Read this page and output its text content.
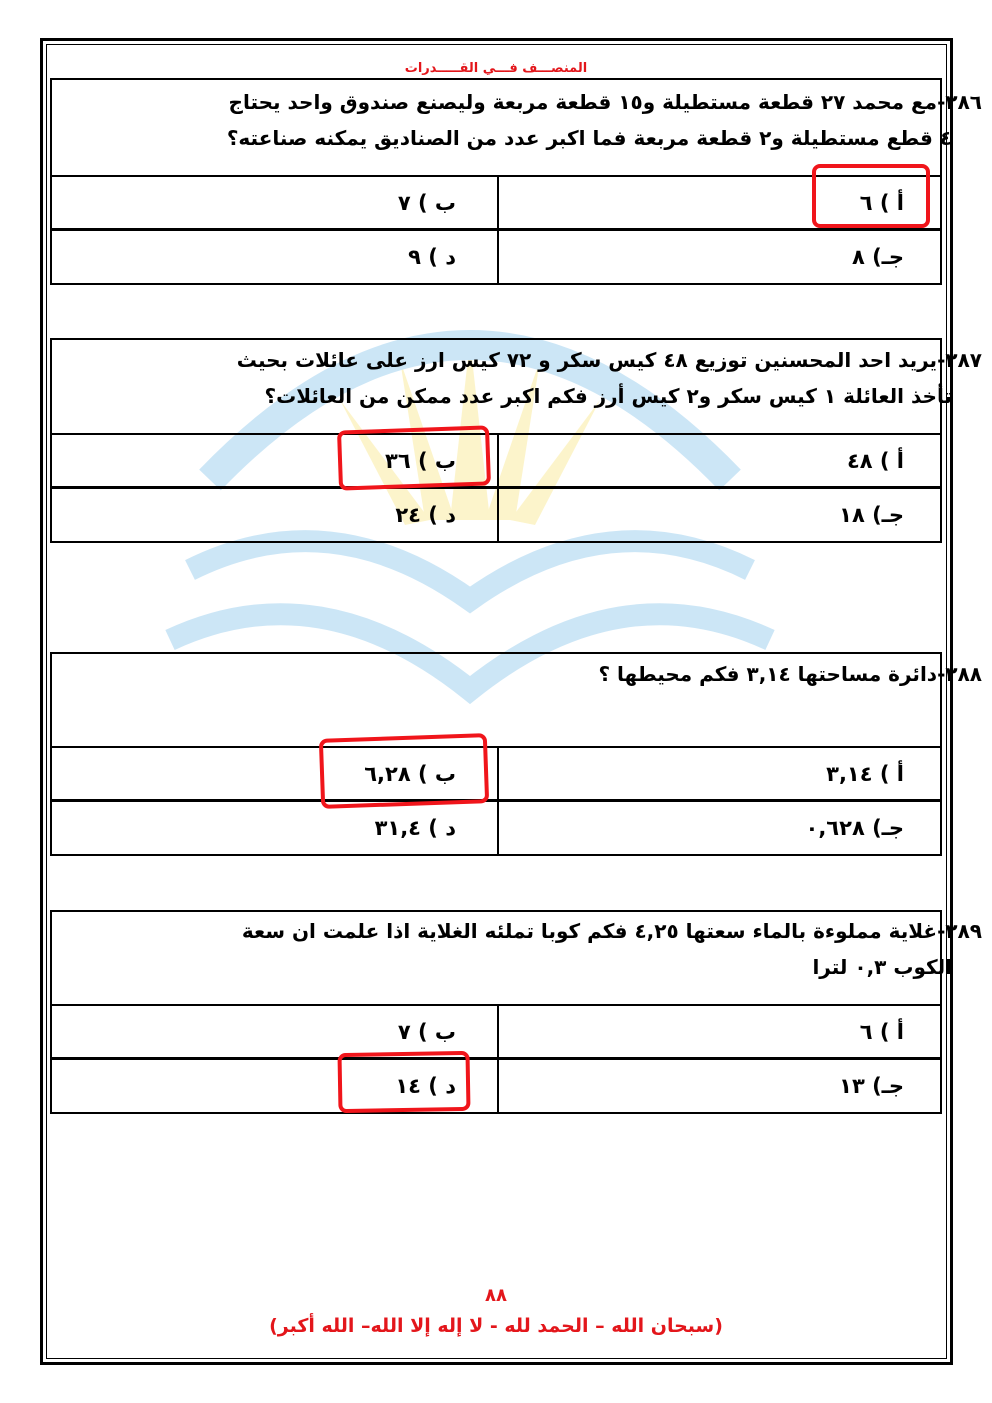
المنصـــف فـــي القـــــدرات
٢٨٦-مع محمد ٢٧ قطعة مستطيلة و١٥ قطعة مربعة وليصنع صندوق واحد يحتاج
٤ قطع مستطيلة و٢ قطعة مربعة فما اكبر عدد من الصناديق يمكنه صناعته؟
أ ) ٦
ب ) ٧
جـ) ٨
د ) ٩
٢٨٧-يريد احد المحسنين توزيع ٤٨ كيس سكر و ٧٢ كيس ارز على عائلات بحيث
تأخذ العائلة ١ كيس سكر و٢ كيس أرز فكم اكبر عدد ممكن من العائلات؟
أ ) ٤٨
ب ) ٣٦
جـ) ١٨
د ) ٢٤
٢٨٨-دائرة مساحتها ٣,١٤ فكم محيطها ؟
أ ) ٣,١٤
ب ) ٦,٢٨
جـ) ٠,٦٢٨
د ) ٣١,٤
٢٨٩-غلاية مملوءة بالماء سعتها ٤,٢٥ فكم كوبا تملئه الغلاية اذا علمت ان سعة
الكوب ٠,٣ لترا
أ ) ٦
ب ) ٧
جـ) ١٣
د ) ١٤
٨٨
(سبحان الله – الحمد لله - لا إله إلا الله– الله أكبر)
